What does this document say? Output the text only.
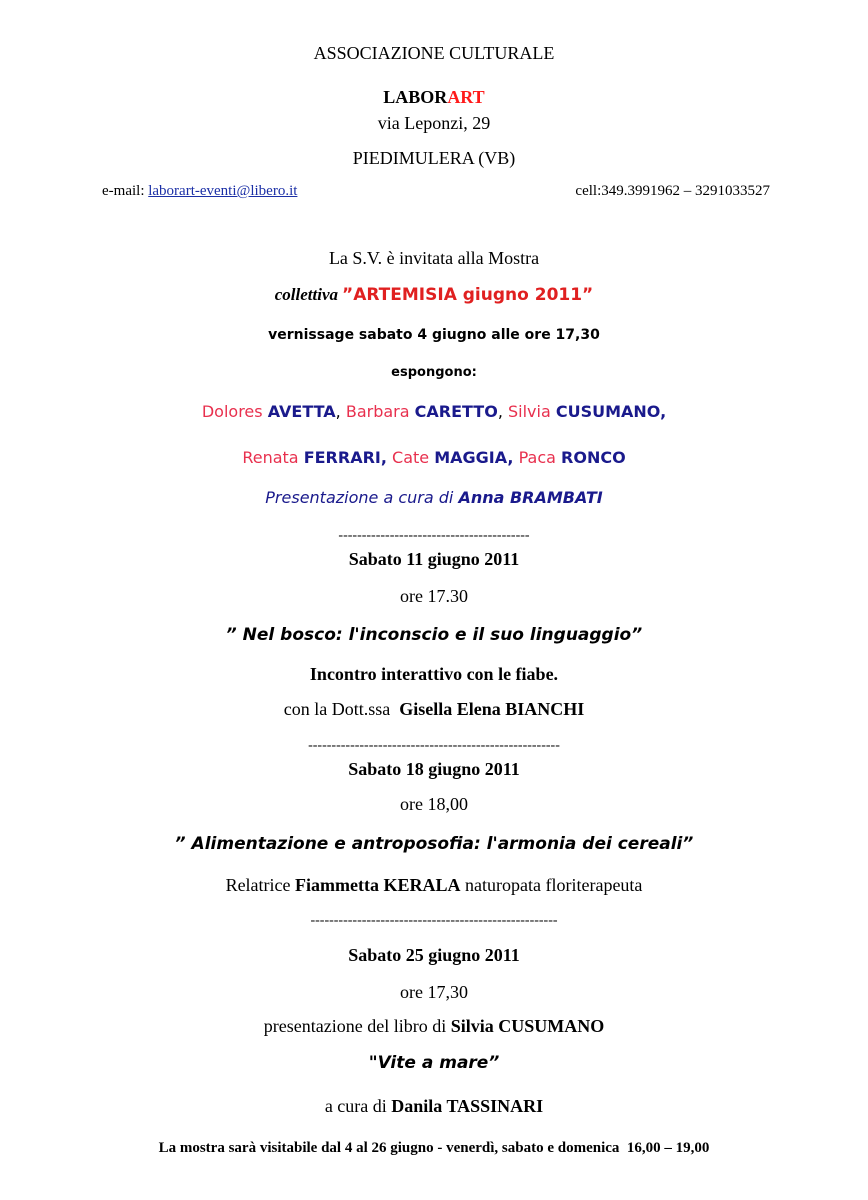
ASSOCIAZIONE CULTURALE
LABORART
via Leponzi, 29
PIEDIMULERA (VB)
e-mail: laborart-eventi@libero.it	cell:349.3991962 – 3291033527
La S.V. è invitata alla Mostra
collettiva ”ARTEMISIA giugno 2011”
vernissage sabato 4 giugno alle ore 17,30
espongono:
Dolores AVETTA, Barbara CARETTO, Silvia CUSUMANO,
Renata FERRARI, Cate MAGGIA, Paca RONCO
Presentazione a cura di Anna BRAMBATI
-----------------------------------------
Sabato 11 giugno 2011
ore 17.30
” Nel bosco: l'inconscio e il suo linguaggio”
Incontro interattivo con le fiabe.
con la Dott.ssa Gisella Elena BIANCHI
------------------------------------------------------
Sabato 18 giugno 2011
ore 18,00
” Alimentazione e antroposofia: l'armonia dei cereali”
Relatrice Fiammetta KERALA naturopata floriterapeuta
-----------------------------------------------------
Sabato 25 giugno 2011
ore 17,30
presentazione del libro di Silvia CUSUMANO
"Vite a mare”
a cura di Danila TASSINARI
La mostra sarà visitabile dal 4 al 26 giugno - venerdì, sabato e domenica  16,00 – 19,00
